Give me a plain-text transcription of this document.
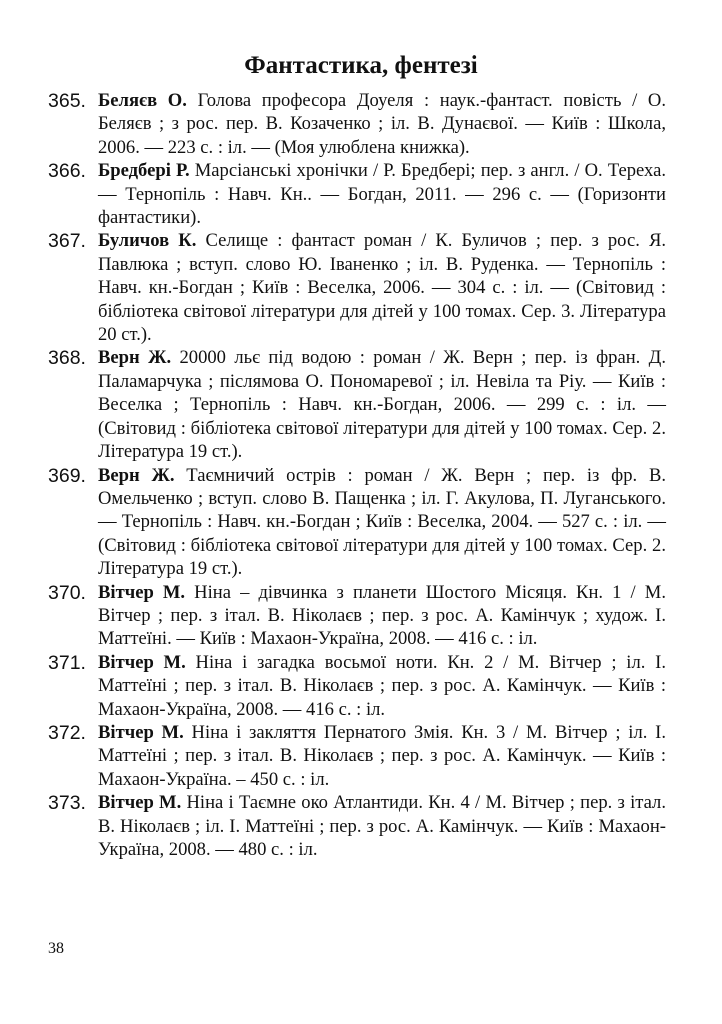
Фантастика, фентезі
365. Беляєв О. Голова професора Доуеля : наук.-фантаст. повість / О. Беляєв ; з рос. пер. В. Козаченко ; іл. В. Дунаєвої. — Київ : Школа, 2006. — 223 с. : іл. — (Моя улюблена книжка).
366. Бредбері Р. Марсіанські хронічки / Р. Бредбері; пер. з англ. / О. Тереха. — Тернопіль : Навч. Кн.. — Богдан, 2011. — 296 с. — (Горизонти фантастики).
367. Буличов К. Селище : фантаст роман / К. Буличов ; пер. з рос. Я. Павлюка ; вступ. слово Ю. Іваненко ; іл. В. Руденка. — Тернопіль : Навч. кн.-Богдан ; Київ : Веселка, 2006. — 304 с. : іл. — (Світовид : бібліотека світової літератури для дітей у 100 томах. Сер. 3. Література 20 ст.).
368. Верн Ж. 20000 льє під водою : роман / Ж. Верн ; пер. із фран. Д. Паламарчука ; післямова О. Пономаревої ; іл. Невіла та Ріу. — Київ : Веселка ; Тернопіль : Навч. кн.-Богдан, 2006. — 299 с. : іл. — (Світовид : бібліотека світової літератури для дітей у 100 томах. Сер. 2. Література 19 ст.).
369. Верн Ж. Таємничий острів : роман / Ж. Верн ; пер. із фр. В. Омельченко ; вступ. слово В. Пащенка ; іл. Г. Акулова, П. Луганського. — Тернопіль : Навч. кн.-Богдан ; Київ : Веселка, 2004. — 527 с. : іл. — (Світовид : бібліотека світової літератури для дітей у 100 томах. Сер. 2. Література 19 ст.).
370. Вітчер М. Ніна – дівчинка з планети Шостого Місяця. Кн. 1 / М. Вітчер ; пер. з італ. В. Ніколаєв ; пер. з рос. А. Камінчук ; худож. І. Маттеїні. — Київ : Махаон-Україна, 2008. — 416 с. : іл.
371. Вітчер М. Ніна і загадка восьмої ноти. Кн. 2 / М. Вітчер ; іл. І. Маттеїні ; пер. з італ. В. Ніколаєв ; пер. з рос. А. Камінчук. — Київ : Махаон-Україна, 2008. — 416 с. : іл.
372. Вітчер М. Ніна і закляття Пернатого Змія. Кн. 3 / М. Вітчер ; іл. І. Маттеїні ; пер. з італ. В. Ніколаєв ; пер. з рос. А. Камінчук. — Київ : Махаон-Україна. – 450 с. : іл.
373. Вітчер М. Ніна і Таємне око Атлантиди. Кн. 4 / М. Вітчер ; пер. з італ. В. Ніколаєв ; іл. І. Маттеїні ; пер. з рос. А. Камінчук. — Київ : Махаон-Україна, 2008. — 480 с. : іл.
38
